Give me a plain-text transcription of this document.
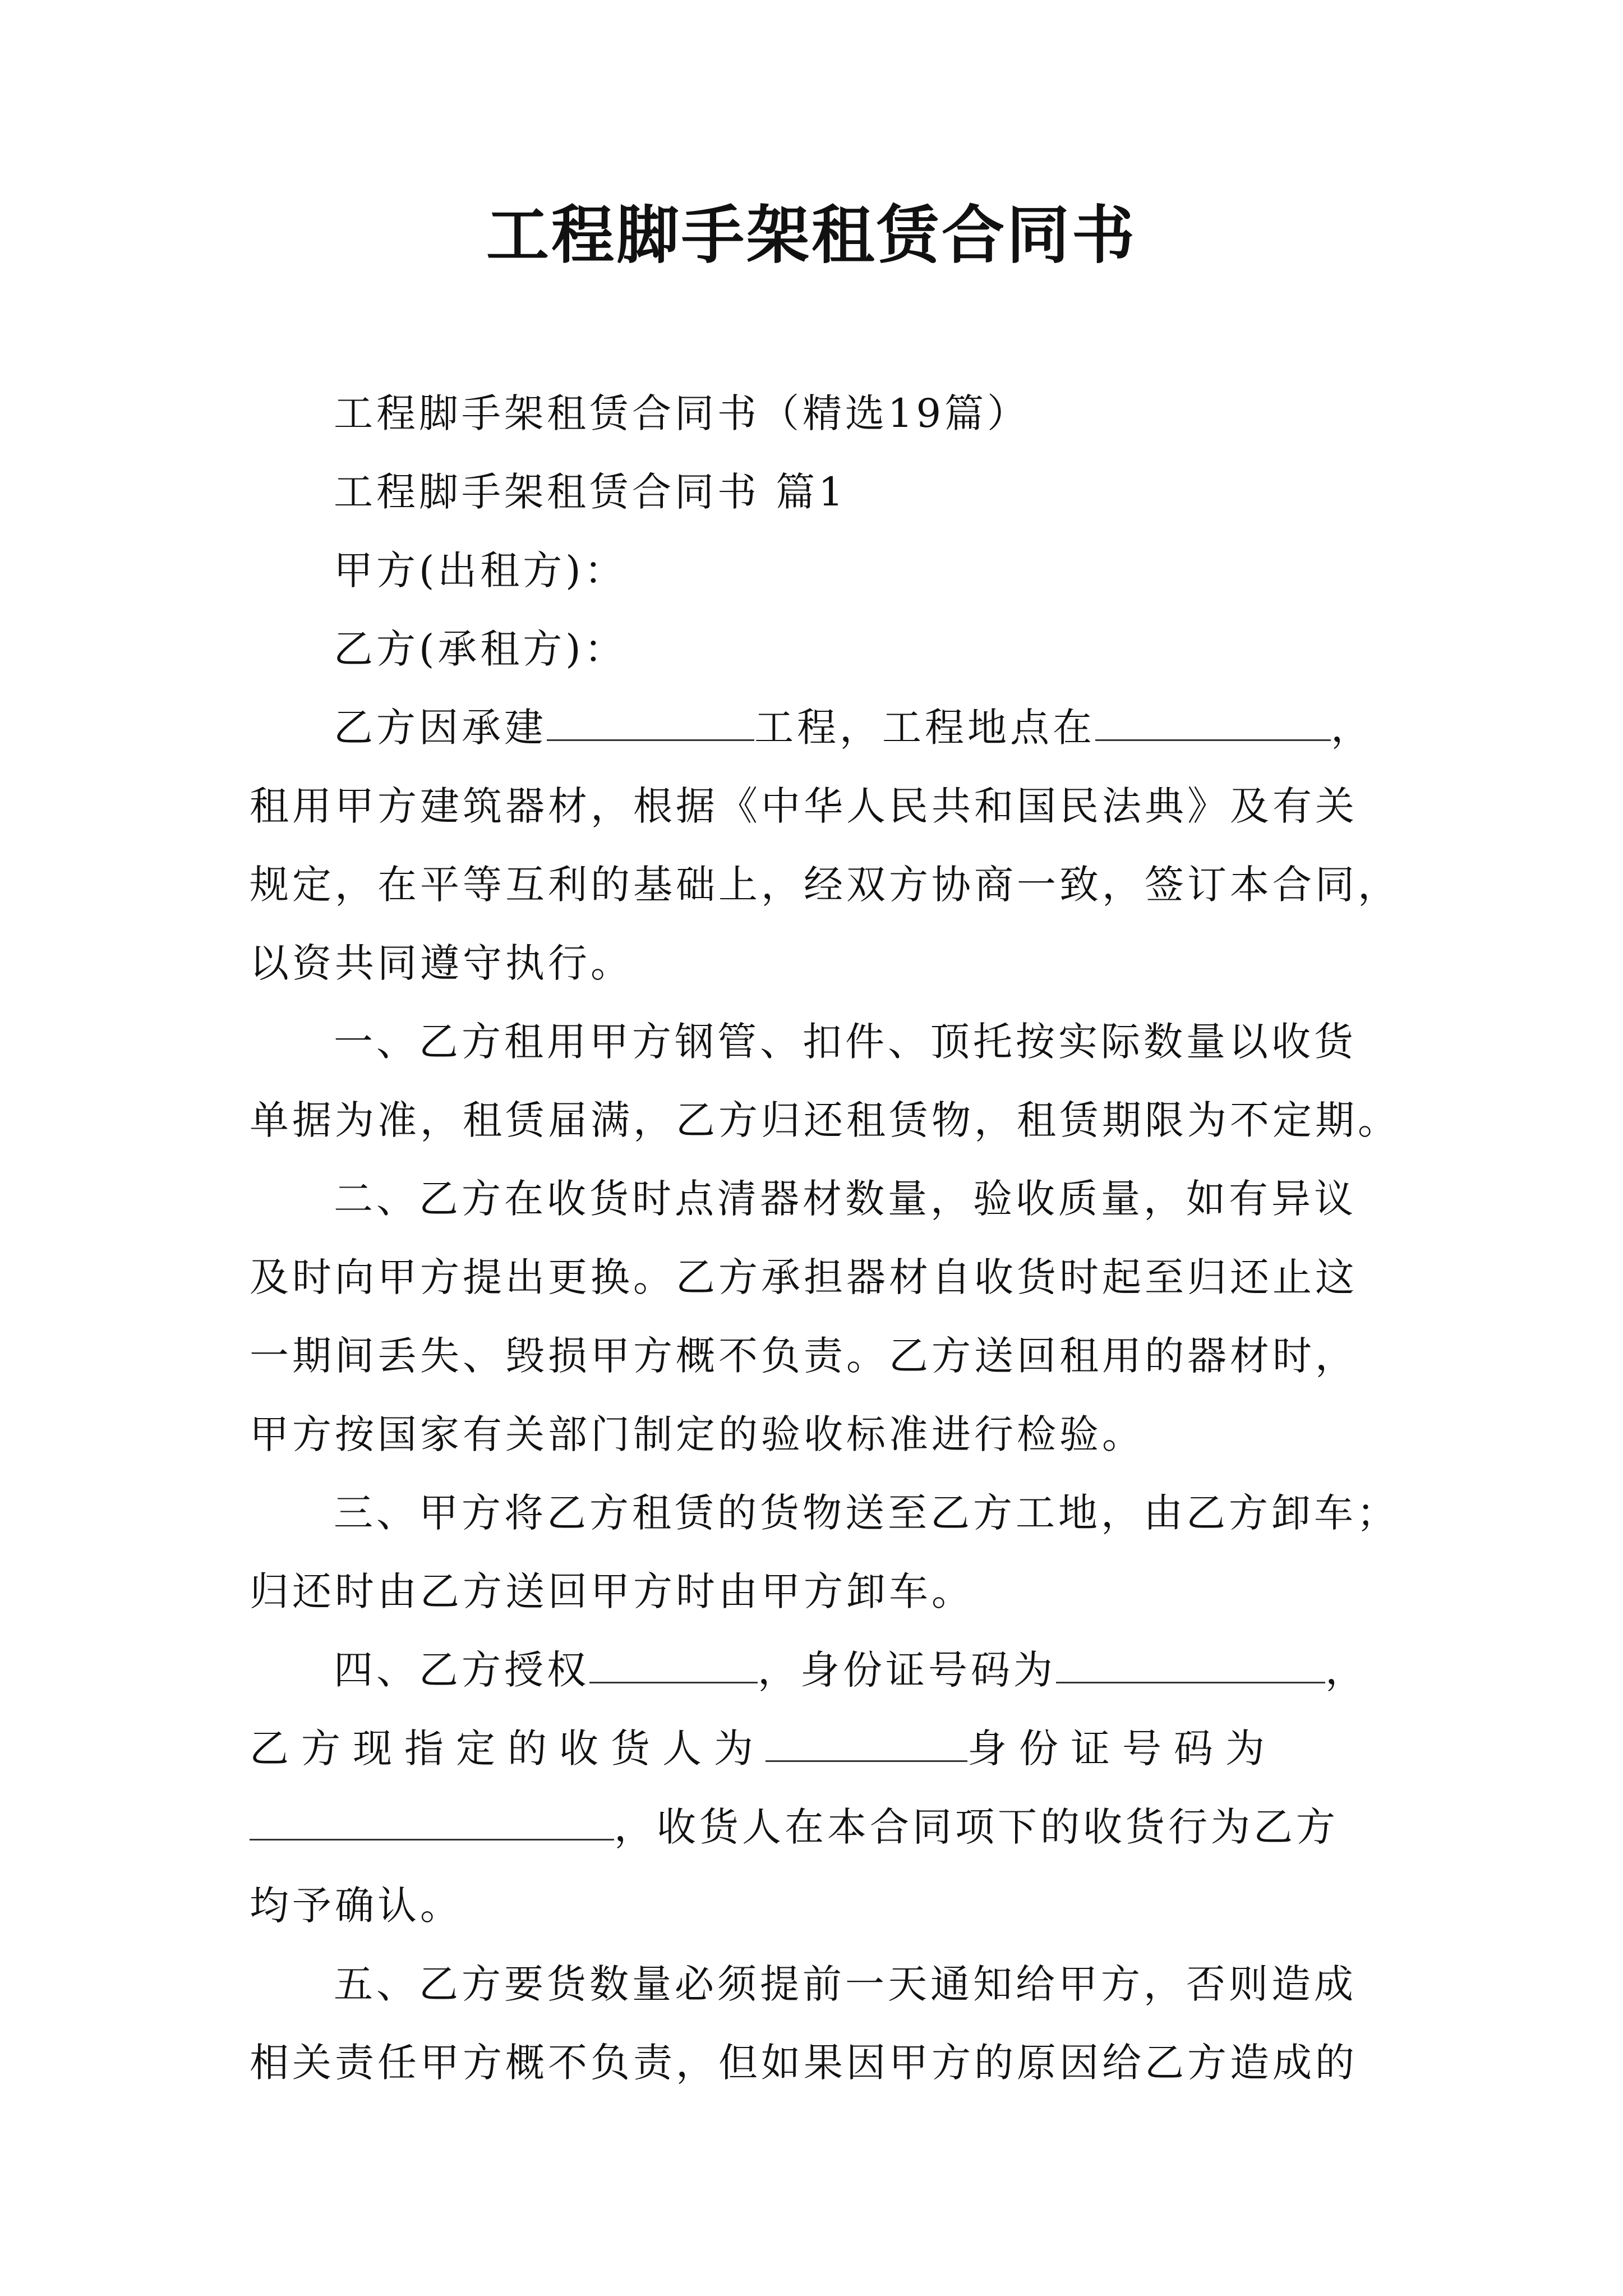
工程脚手架租赁合同书
工程脚手架租赁合同书（精选19篇）
工程脚手架租赁合同书 篇1
甲方(出租方)：
乙方(承租方)：
乙方因承建	工程，工程地点在	，
租用甲方建筑器材，根据《中华人民共和国民法典》及有关
规定，在平等互利的基础上，经双方协商一致，签订本合同，
以资共同遵守执行。
一、乙方租用甲方钢管、扣件、顶托按实际数量以收货
单据为准，租赁届满，乙方归还租赁物，租赁期限为不定期。
二、乙方在收货时点清器材数量，验收质量，如有异议
及时向甲方提出更换。乙方承担器材自收货时起至归还止这
一期间丢失、毁损甲方概不负责。乙方送回租用的器材时，
甲方按国家有关部门制定的验收标准进行检验。
三、甲方将乙方租赁的货物送至乙方工地，由乙方卸车；
归还时由乙方送回甲方时由甲方卸车。
四、乙方授权	，身份证号码为	，
乙方现指定的收货人为	身份证号码为
，收货人在本合同项下的收货行为乙方
均予确认。
五、乙方要货数量必须提前一天通知给甲方，否则造成
相关责任甲方概不负责，但如果因甲方的原因给乙方造成的
